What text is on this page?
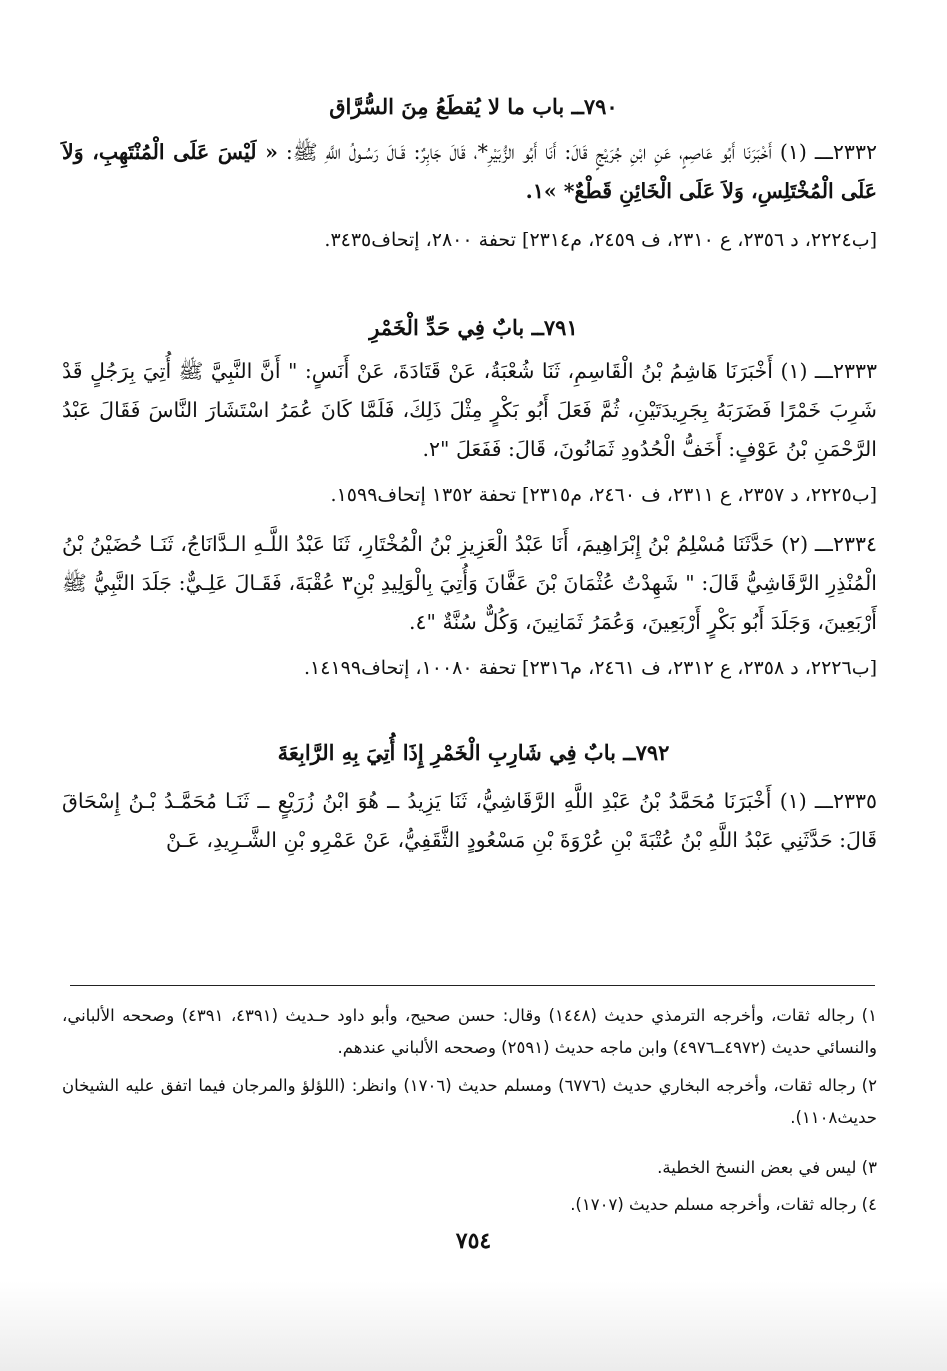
٧٩٠ــ باب ما لا يُقطَعُ مِنَ السُّرَّاق
٢٣٣٢ـــ (١) أَخْبَرَنَا أَبُو عَاصِمٍ، عَنِ ابْنِ جُرَيْجٍ قَالَ: أَنَا أَبُو الزُّبَيْرِ*، قَالَ جَابِرٌ: قَـالَ رَسُـولُ اللَّهِ ﷺ: « لَيْسَ عَلَى الْمُنْتَهِبِ، وَلاَ عَلَى الْمُخْتَلِسِ، وَلاَ عَلَى الْخَائِنِ قَطْعٌ* »١.
[ب٢٢٢٤، د ٢٣٥٦، ع ٢٣١٠، ف ٢٤٥٩، م٢٣١٤] تحفة ٢٨٠٠، إتحاف٣٤٣٥.
٧٩١ــ بابٌ فِي حَدِّ الْخَمْرِ
٢٣٣٣ـــ (١) أَخْبَرَنَا هَاشِمُ بْنُ الْقَاسِمِ، ثَنَا شُعْبَةُ، عَنْ قَتَادَةَ، عَنْ أَنَسٍ: " أَنَّ النَّبِيَّ ﷺ أُتِيَ بِرَجُلٍ قَدْ شَرِبَ خَمْرًا فَضَرَبَهُ بِجَرِيدَتَيْنِ، ثُمَّ فَعَلَ أَبُو بَكْرٍ مِثْلَ ذَلِكَ، فَلَمَّا كَانَ عُمَرُ اسْتَشَارَ النَّاسَ فَقَالَ عَبْدُ الرَّحْمَنِ بْنُ عَوْفٍ: أَخَفُّ الْحُدُودِ ثَمَانُونَ، قَالَ: فَفَعَلَ "٢.
[ب٢٢٢٥، د ٢٣٥٧، ع ٢٣١١، ف ٢٤٦٠، م٢٣١٥] تحفة ١٣٥٢ إتحاف١٥٩٩.
٢٣٣٤ـــ (٢) حَدَّثَنَا مُسْلِمُ بْنُ إِبْرَاهِيمَ، أَنَا عَبْدُ الْعَزِيزِ بْنُ الْمُخْتَارِ، ثَنَا عَبْدُ اللَّـهِ الـدَّانَاجُ، ثَنَـا حُضَيْنُ بْنُ الْمُنْذِرِ الرَّقَاشِيُّ قَالَ: " شَهِدْتُ عُثْمَانَ بْنَ عَفَّانَ وَأُتِيَ بِالْوَلِيدِ بْنِ٣ عُقْبَةَ، فَقَـالَ عَلِـيٌّ: جَلَدَ النَّبِيُّ ﷺ أَرْبَعِينَ، وَجَلَدَ أَبُو بَكْرٍ أَرْبَعِينَ، وَعُمَرُ ثَمَانِينَ، وَكُلٌّ سُنَّةٌ "٤.
[ب٢٢٢٦، د ٢٣٥٨، ع ٢٣١٢، ف ٢٤٦١، م٢٣١٦] تحفة ١٠٠٨٠، إتحاف١٤١٩٩.
٧٩٢ــ بابٌ فِي شَارِبِ الْخَمْرِ إِذَا أُتِيَ بِهِ الرَّابِعَةَ
٢٣٣٥ـــ (١) أَخْبَرَنَا مُحَمَّدُ بْنُ عَبْدِ اللَّهِ الرَّقَاشِيُّ، ثَنَا يَزِيدُ ــ هُوَ ابْنُ زُرَيْعٍ ــ ثَنَـا مُحَمَّـدُ بْـنُ إِسْحَاقَ قَالَ: حَدَّثَنِي عَبْدُ اللَّهِ بْنُ عُتْبَةَ بْنِ عُرْوَةَ بْنِ مَسْعُودٍ الثَّقَفِيُّ، عَنْ عَمْرِو بْنِ الشَّـرِيدِ، عَـنْ
١) رجاله ثقات، وأخرجه الترمذي حديث (١٤٤٨) وقال: حسن صحيح، وأبو داود حـديث (٤٣٩١، ٤٣٩١) وصححه الألباني، والنسائي حديث (٤٩٧٢ــ٤٩٧٦) وابن ماجه حديث (٢٥٩١) وصححه الألباني عندهم.
٢) رجاله ثقات، وأخرجه البخاري حديث (٦٧٧٦) ومسلم حديث (١٧٠٦) وانظر: (اللؤلؤ والمرجان فيما اتفق عليه الشيخان حديث١١٠٨).
٣) ليس في بعض النسخ الخطية.
٤) رجاله ثقات، وأخرجه مسلم حديث (١٧٠٧).
٧٥٤
